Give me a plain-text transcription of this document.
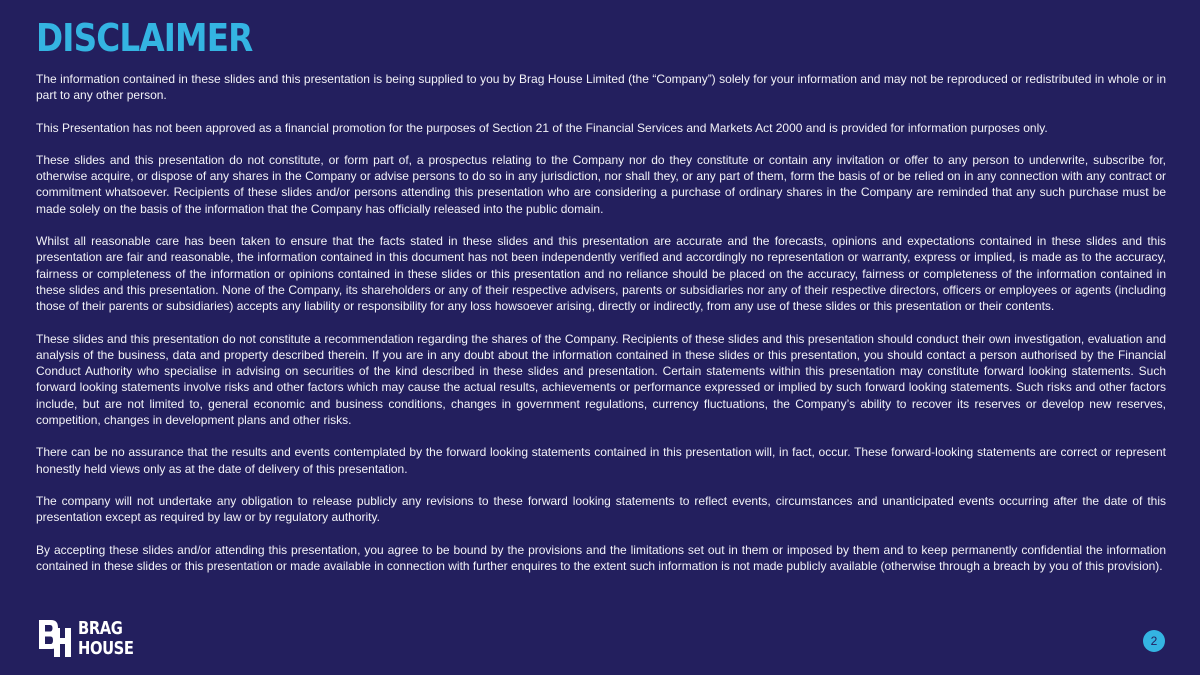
DISCLAIMER

The information contained in these slides and this presentation is being supplied to you by Brag House Limited (the “Company”) solely for your information and may not be reproduced or redistributed in whole or in part to any other person.

This Presentation has not been approved as a financial promotion for the purposes of Section 21 of the Financial Services and Markets Act 2000 and is provided for information purposes only.

These slides and this presentation do not constitute, or form part of, a prospectus relating to the Company nor do they constitute or contain any invitation or offer to any person to underwrite, subscribe for, otherwise acquire, or dispose of any shares in the Company or advise persons to do so in any jurisdiction, nor shall they, or any part of them, form the basis of or be relied on in any connection with any contract or commitment whatsoever. Recipients of these slides and/or persons attending this presentation who are considering a purchase of ordinary shares in the Company are reminded that any such purchase must be made solely on the basis of the information that the Company has officially released into the public domain.

Whilst all reasonable care has been taken to ensure that the facts stated in these slides and this presentation are accurate and the forecasts, opinions and expectations contained in these slides and this presentation are fair and reasonable, the information contained in this document has not been independently verified and accordingly no representation or warranty, express or implied, is made as to the accuracy, fairness or completeness of the information or opinions contained in these slides or this presentation and no reliance should be placed on the accuracy, fairness or completeness of the information contained in these slides and this presentation. None of the Company, its shareholders or any of their respective advisers, parents or subsidiaries nor any of their respective directors, officers or employees or agents (including those of their parents or subsidiaries) accepts any liability or responsibility for any loss howsoever arising, directly or indirectly, from any use of these slides or this presentation or their contents.

These slides and this presentation do not constitute a recommendation regarding the shares of the Company. Recipients of these slides and this presentation should conduct their own investigation, evaluation and analysis of the business, data and property described therein. If you are in any doubt about the information contained in these slides or this presentation, you should contact a person authorised by the Financial Conduct Authority who specialise in advising on securities of the kind described in these slides and presentation. Certain statements within this presentation may constitute forward looking statements. Such forward looking statements involve risks and other factors which may cause the actual results, achievements or performance expressed or implied by such forward looking statements. Such risks and other factors include, but are not limited to, general economic and business conditions, changes in government regulations, currency fluctuations, the Company’s ability to recover its reserves or develop new reserves, competition, changes in development plans and other risks.

There can be no assurance that the results and events contemplated by the forward looking statements contained in this presentation will, in fact, occur. These forward-looking statements are correct or represent honestly held views only as at the date of delivery of this presentation.

The company will not undertake any obligation to release publicly any revisions to these forward looking statements to reflect events, circumstances and unanticipated events occurring after the date of this presentation except as required by law or by regulatory authority.

By accepting these slides and/or attending this presentation, you agree to be bound by the provisions and the limitations set out in them or imposed by them and to keep permanently confidential the information contained in these slides or this presentation or made available in connection with further enquires to the extent such information is not made publicly available (otherwise through a breach by you of this provision).

BRAG
HOUSE	2
